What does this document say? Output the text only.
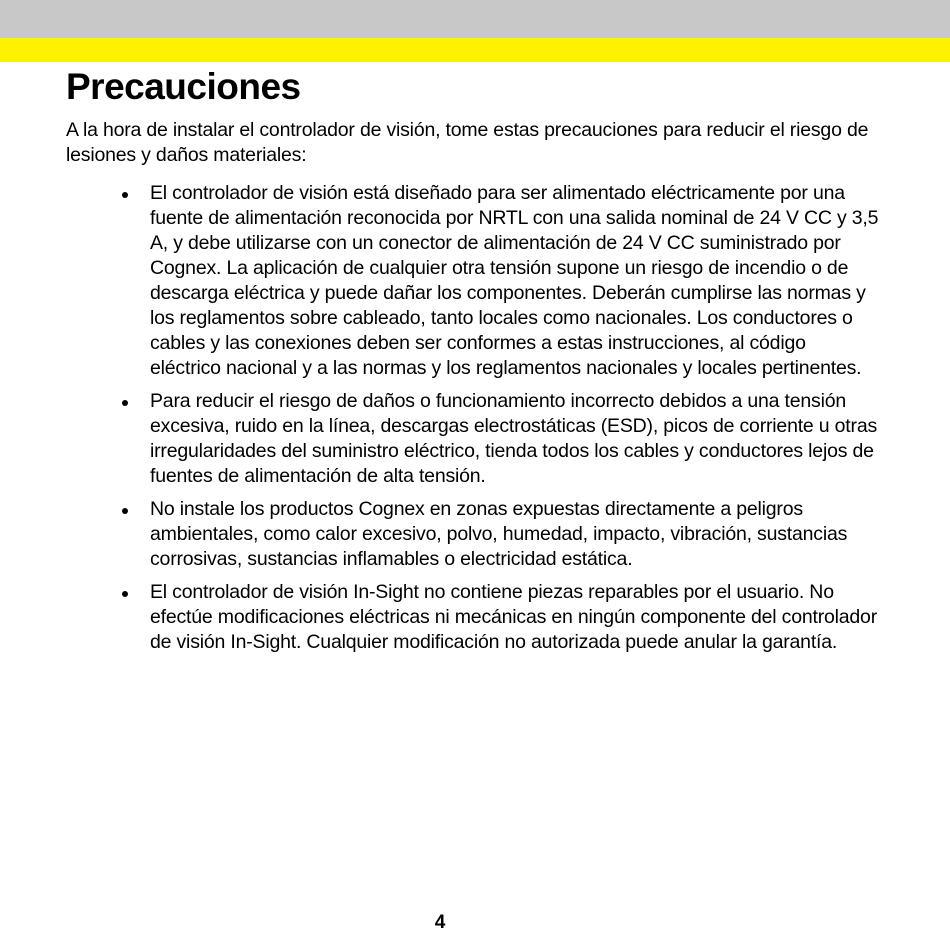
Precauciones

A la hora de instalar el controlador de visión, tome estas precauciones para reducir el riesgo de lesiones y daños materiales:

El controlador de visión está diseñado para ser alimentado eléctricamente por una fuente de alimentación reconocida por NRTL con una salida nominal de 24 V CC y 3,5 A, y debe utilizarse con un conector de alimentación de 24 V CC suministrado por Cognex. La aplicación de cualquier otra tensión supone un riesgo de incendio o de descarga eléctrica y puede dañar los componentes. Deberán cumplirse las normas y los reglamentos sobre cableado, tanto locales como nacionales. Los conductores o cables y las conexiones deben ser conformes a estas instrucciones, al código eléctrico nacional y a las normas y los reglamentos nacionales y locales pertinentes.
Para reducir el riesgo de daños o funcionamiento incorrecto debidos a una tensión excesiva, ruido en la línea, descargas electrostáticas (ESD), picos de corriente u otras irregularidades del suministro eléctrico, tienda todos los cables y conductores lejos de fuentes de alimentación de alta tensión.
No instale los productos Cognex en zonas expuestas directamente a peligros ambientales, como calor excesivo, polvo, humedad, impacto, vibración, sustancias corrosivas, sustancias inflamables o electricidad estática.
El controlador de visión In-Sight no contiene piezas reparables por el usuario. No efectúe modificaciones eléctricas ni mecánicas en ningún componente del controlador de visión In-Sight. Cualquier modificación no autorizada puede anular la garantía.

4
